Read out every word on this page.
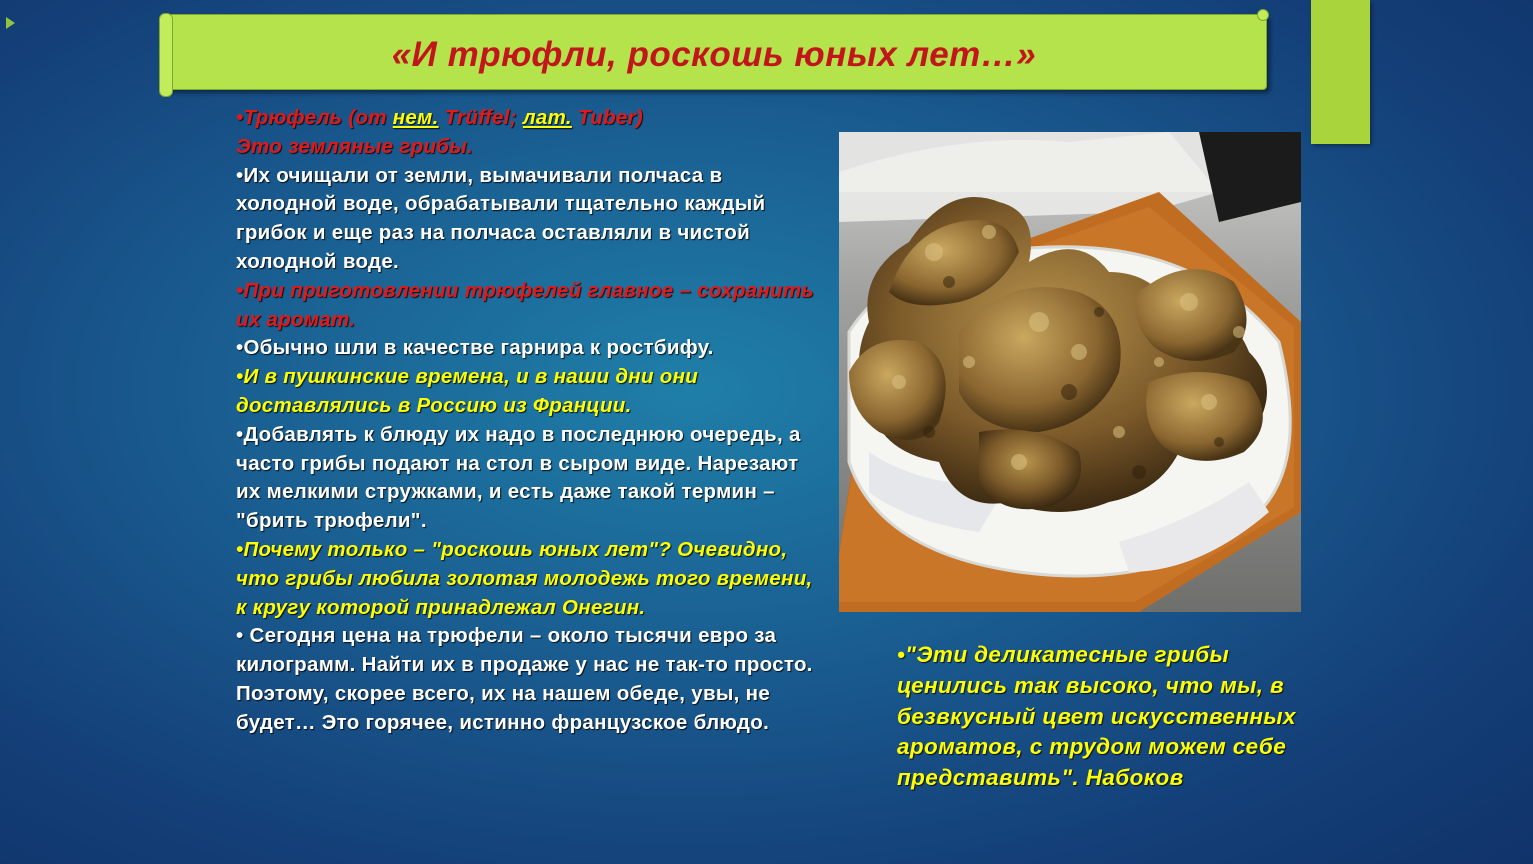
«И трюфли, роскошь юных лет…»

•Трюфель (от нем. Trüffel; лат. Tuber)

Это земляные грибы.

•Их очищали от земли, вымачивали полчаса в холодной воде, обрабатывали тщательно каждый грибок и еще раз на полчаса оставляли в чистой холодной воде.

•При приготовлении трюфелей главное – сохранить их аромат.

•Обычно шли в качестве гарнира к ростбифу.

•И в пушкинские времена, и в наши дни они доставлялись в Россию из Франции.

•Добавлять к блюду их надо в последнюю очередь, а часто грибы подают на стол в сыром виде. Нарезают их мелкими стружками, и есть даже такой термин – "брить трюфели".

•Почему только – "роскошь юных лет"? Очевидно, что грибы любила золотая молодежь того времени, к кругу которой принадлежал Онегин.

• Сегодня цена на трюфели – около тысячи евро за килограмм. Найти их в продаже у нас не так-то просто. Поэтому, скорее всего, их на нашем обеде, увы, не будет… Это горячее, истинно французское блюдо.

•"Эти деликатесные грибы ценились так высоко, что мы, в безвкусный цвет искусственных ароматов, с трудом можем себе представить". Набоков
